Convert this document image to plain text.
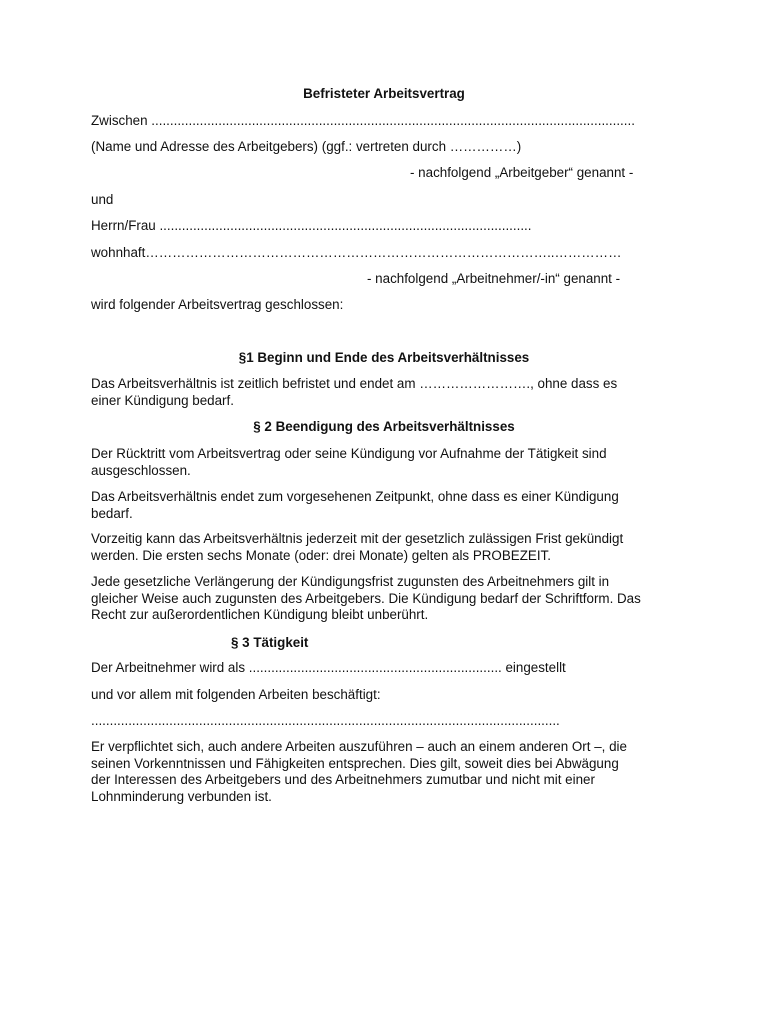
Befristeter Arbeitsvertrag
Zwischen ..................................................................................................................................
(Name und Adresse des Arbeitgebers) (ggf.: vertreten durch ……………)
- nachfolgend „Arbeitgeber“ genannt -
und
Herrn/Frau ....................................................................................................
wohnhaft………………………………………………………………………………..……………
- nachfolgend „Arbeitnehmer/-in“ genannt -
wird folgender Arbeitsvertrag geschlossen:
§1 Beginn und Ende des Arbeitsverhältnisses
Das Arbeitsverhältnis ist zeitlich befristet und endet am ……………………., ohne dass es
einer Kündigung bedarf.
§ 2 Beendigung des Arbeitsverhältnisses
Der Rücktritt vom Arbeitsvertrag oder seine Kündigung vor Aufnahme der Tätigkeit sind
ausgeschlossen.
Das Arbeitsverhältnis endet zum vorgesehenen Zeitpunkt, ohne dass es einer Kündigung
bedarf.
Vorzeitig kann das Arbeitsverhältnis jederzeit mit der gesetzlich zulässigen Frist gekündigt
werden. Die ersten sechs Monate (oder: drei Monate) gelten als PROBEZEIT.
Jede gesetzliche Verlängerung der Kündigungsfrist zugunsten des Arbeitnehmers gilt in
gleicher Weise auch zugunsten des Arbeitgebers. Die Kündigung bedarf der Schriftform. Das
Recht zur außerordentlichen Kündigung bleibt unberührt.
§ 3 Tätigkeit
Der Arbeitnehmer wird als .................................................................... eingestellt
und vor allem mit folgenden Arbeiten beschäftigt:
..............................................................................................................................
Er verpflichtet sich, auch andere Arbeiten auszuführen – auch an einem anderen Ort –, die
seinen Vorkenntnissen und Fähigkeiten entsprechen. Dies gilt, soweit dies bei Abwägung
der Interessen des Arbeitgebers und des Arbeitnehmers zumutbar und nicht mit einer
Lohnminderung verbunden ist.
